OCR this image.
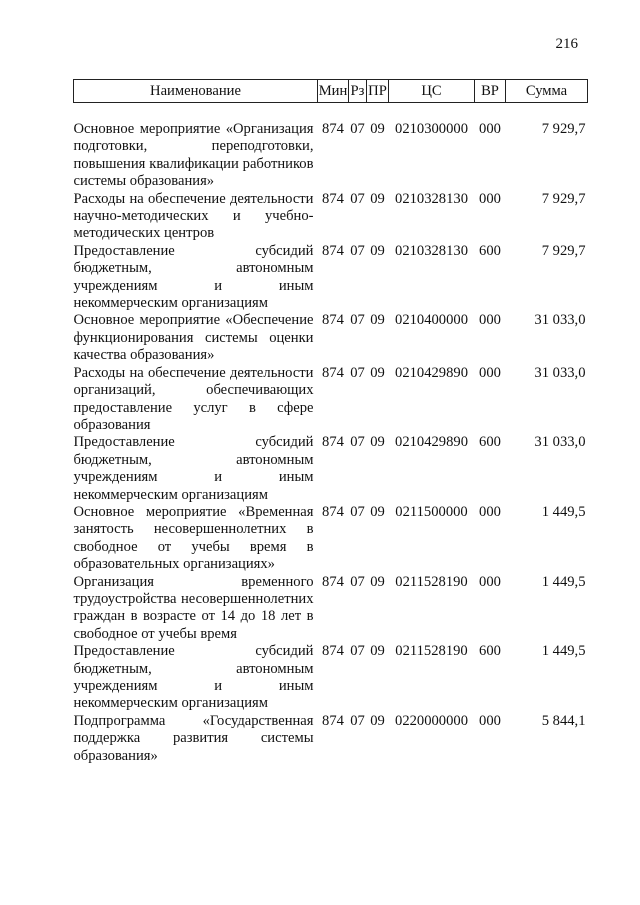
216
Наименование	Мин	Рз	ПР	ЦС	ВР	Сумма

Основное мероприятие «Организация подготовки, переподготовки, повышения квалификации работников системы образования»	874	07	09	0210300000	000	7 929,7
Расходы на обеспечение деятельности научно-методических и учебно-методических центров	874	07	09	0210328130	000	7 929,7
Предоставление субсидий бюджетным, автономным учреждениям и иным некоммерческим организациям	874	07	09	0210328130	600	7 929,7
Основное мероприятие «Обеспечение функционирования системы оценки качества образования»	874	07	09	0210400000	000	31 033,0
Расходы на обеспечение деятельности организаций, обеспечивающих предоставление услуг в сфере образования	874	07	09	0210429890	000	31 033,0
Предоставление субсидий бюджетным, автономным учреждениям и иным некоммерческим организациям	874	07	09	0210429890	600	31 033,0
Основное мероприятие «Временная занятость несовершеннолетних в свободное от учебы время в образовательных организациях»	874	07	09	0211500000	000	1 449,5
Организация временного трудоустройства несовершеннолетних граждан в возрасте от 14 до 18 лет в свободное от учебы время	874	07	09	0211528190	000	1 449,5
Предоставление субсидий бюджетным, автономным учреждениям и иным некоммерческим организациям	874	07	09	0211528190	600	1 449,5
Подпрограмма «Государственная поддержка развития системы образования»	874	07	09	0220000000	000	5 844,1
